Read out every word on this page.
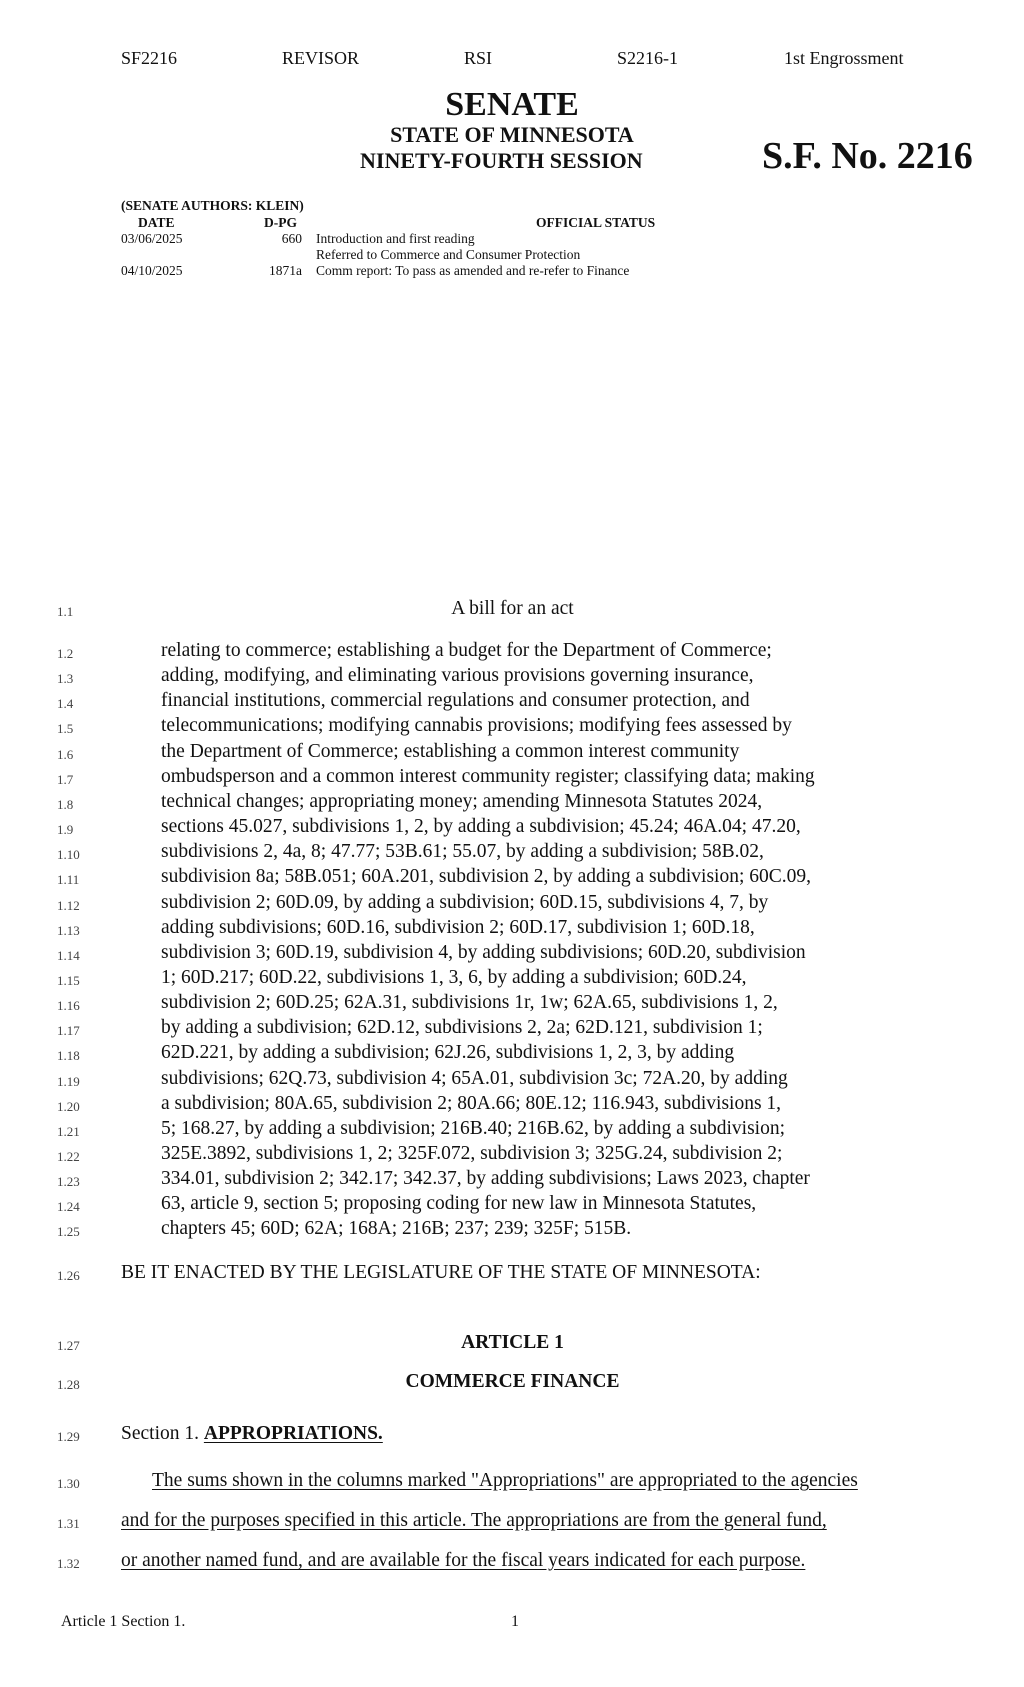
SF2216	REVISOR	RSI	S2216-1	1st Engrossment
SENATE
STATE OF MINNESOTA
NINETY-FOURTH SESSION	S.F. No. 2216
(SENATE AUTHORS: KLEIN)
DATE	D-PG	OFFICIAL STATUS
03/06/2025	660 Introduction and first reading
Referred to Commerce and Consumer Protection
04/10/2025	1871a Comm report: To pass as amended and re-refer to Finance
1.1	A bill for an act
1.2	relating to commerce; establishing a budget for the Department of Commerce;
1.3	adding, modifying, and eliminating various provisions governing insurance,
1.4	financial institutions, commercial regulations and consumer protection, and
1.5	telecommunications; modifying cannabis provisions; modifying fees assessed by
1.6	the Department of Commerce; establishing a common interest community
1.7	ombudsperson and a common interest community register; classifying data; making
1.8	technical changes; appropriating money; amending Minnesota Statutes 2024,
1.9	sections 45.027, subdivisions 1, 2, by adding a subdivision; 45.24; 46A.04; 47.20,
1.10	subdivisions 2, 4a, 8; 47.77; 53B.61; 55.07, by adding a subdivision; 58B.02,
1.11	subdivision 8a; 58B.051; 60A.201, subdivision 2, by adding a subdivision; 60C.09,
1.12	subdivision 2; 60D.09, by adding a subdivision; 60D.15, subdivisions 4, 7, by
1.13	adding subdivisions; 60D.16, subdivision 2; 60D.17, subdivision 1; 60D.18,
1.14	subdivision 3; 60D.19, subdivision 4, by adding subdivisions; 60D.20, subdivision
1.15	1; 60D.217; 60D.22, subdivisions 1, 3, 6, by adding a subdivision; 60D.24,
1.16	subdivision 2; 60D.25; 62A.31, subdivisions 1r, 1w; 62A.65, subdivisions 1, 2,
1.17	by adding a subdivision; 62D.12, subdivisions 2, 2a; 62D.121, subdivision 1;
1.18	62D.221, by adding a subdivision; 62J.26, subdivisions 1, 2, 3, by adding
1.19	subdivisions; 62Q.73, subdivision 4; 65A.01, subdivision 3c; 72A.20, by adding
1.20	a subdivision; 80A.65, subdivision 2; 80A.66; 80E.12; 116.943, subdivisions 1,
1.21	5; 168.27, by adding a subdivision; 216B.40; 216B.62, by adding a subdivision;
1.22	325E.3892, subdivisions 1, 2; 325F.072, subdivision 3; 325G.24, subdivision 2;
1.23	334.01, subdivision 2; 342.17; 342.37, by adding subdivisions; Laws 2023, chapter
1.24	63, article 9, section 5; proposing coding for new law in Minnesota Statutes,
1.25	chapters 45; 60D; 62A; 168A; 216B; 237; 239; 325F; 515B.
1.26	BE IT ENACTED BY THE LEGISLATURE OF THE STATE OF MINNESOTA:
1.27	ARTICLE 1
1.28	COMMERCE FINANCE
1.29	Section 1. APPROPRIATIONS.
1.30	The sums shown in the columns marked "Appropriations" are appropriated to the agencies
1.31	and for the purposes specified in this article. The appropriations are from the general fund,
1.32	or another named fund, and are available for the fiscal years indicated for each purpose.
Article 1 Section 1.	1
